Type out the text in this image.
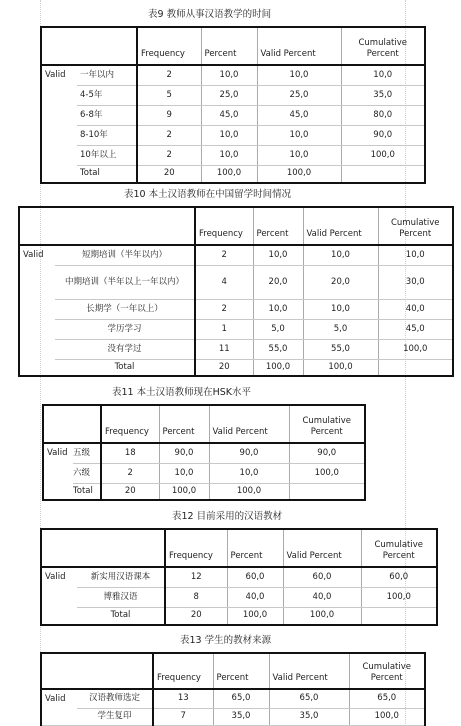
表9 教师从事汉语教学的时间
		Frequency	Percent	Valid Percent	Cumulative Percent
Valid	一年以内	2	10,0	10,0	10,0
	4-5年	5	25,0	25,0	35,0
	6-8年	9	45,0	45,0	80,0
	8-10年	2	10,0	10,0	90,0
	10年以上	2	10,0	10,0	100,0
	Total	20	100,0	100,0	
表10 本土汉语教师在中国留学时间情况
		Frequency	Percent	Valid Percent	Cumulative Percent
Valid	短期培训（半年以内）	2	10,0	10,0	10,0
	中期培训（半年以上一年以内）	4	20,0	20,0	30,0
	长期学（一年以上）	2	10,0	10,0	40,0
	学历学习	1	5,0	5,0	45,0
	没有学过	11	55,0	55,0	100,0
	Total	20	100,0	100,0	
表11 本土汉语教师现在HSK水平
		Frequency	Percent	Valid Percent	Cumulative Percent
Valid	五级	18	90,0	90,0	90,0
	六级	2	10,0	10,0	100,0
	Total	20	100,0	100,0	
表12 目前采用的汉语教材
		Frequency	Percent	Valid Percent	Cumulative Percent
Valid	新实用汉语课本	12	60,0	60,0	60,0
	博雅汉语	8	40,0	40,0	100,0
	Total	20	100,0	100,0	
表13 学生的教材来源
		Frequency	Percent	Valid Percent	Cumulative Percent
Valid	汉语教师选定	13	65,0	65,0	65,0
	学生复印	7	35,0	35,0	100,0
